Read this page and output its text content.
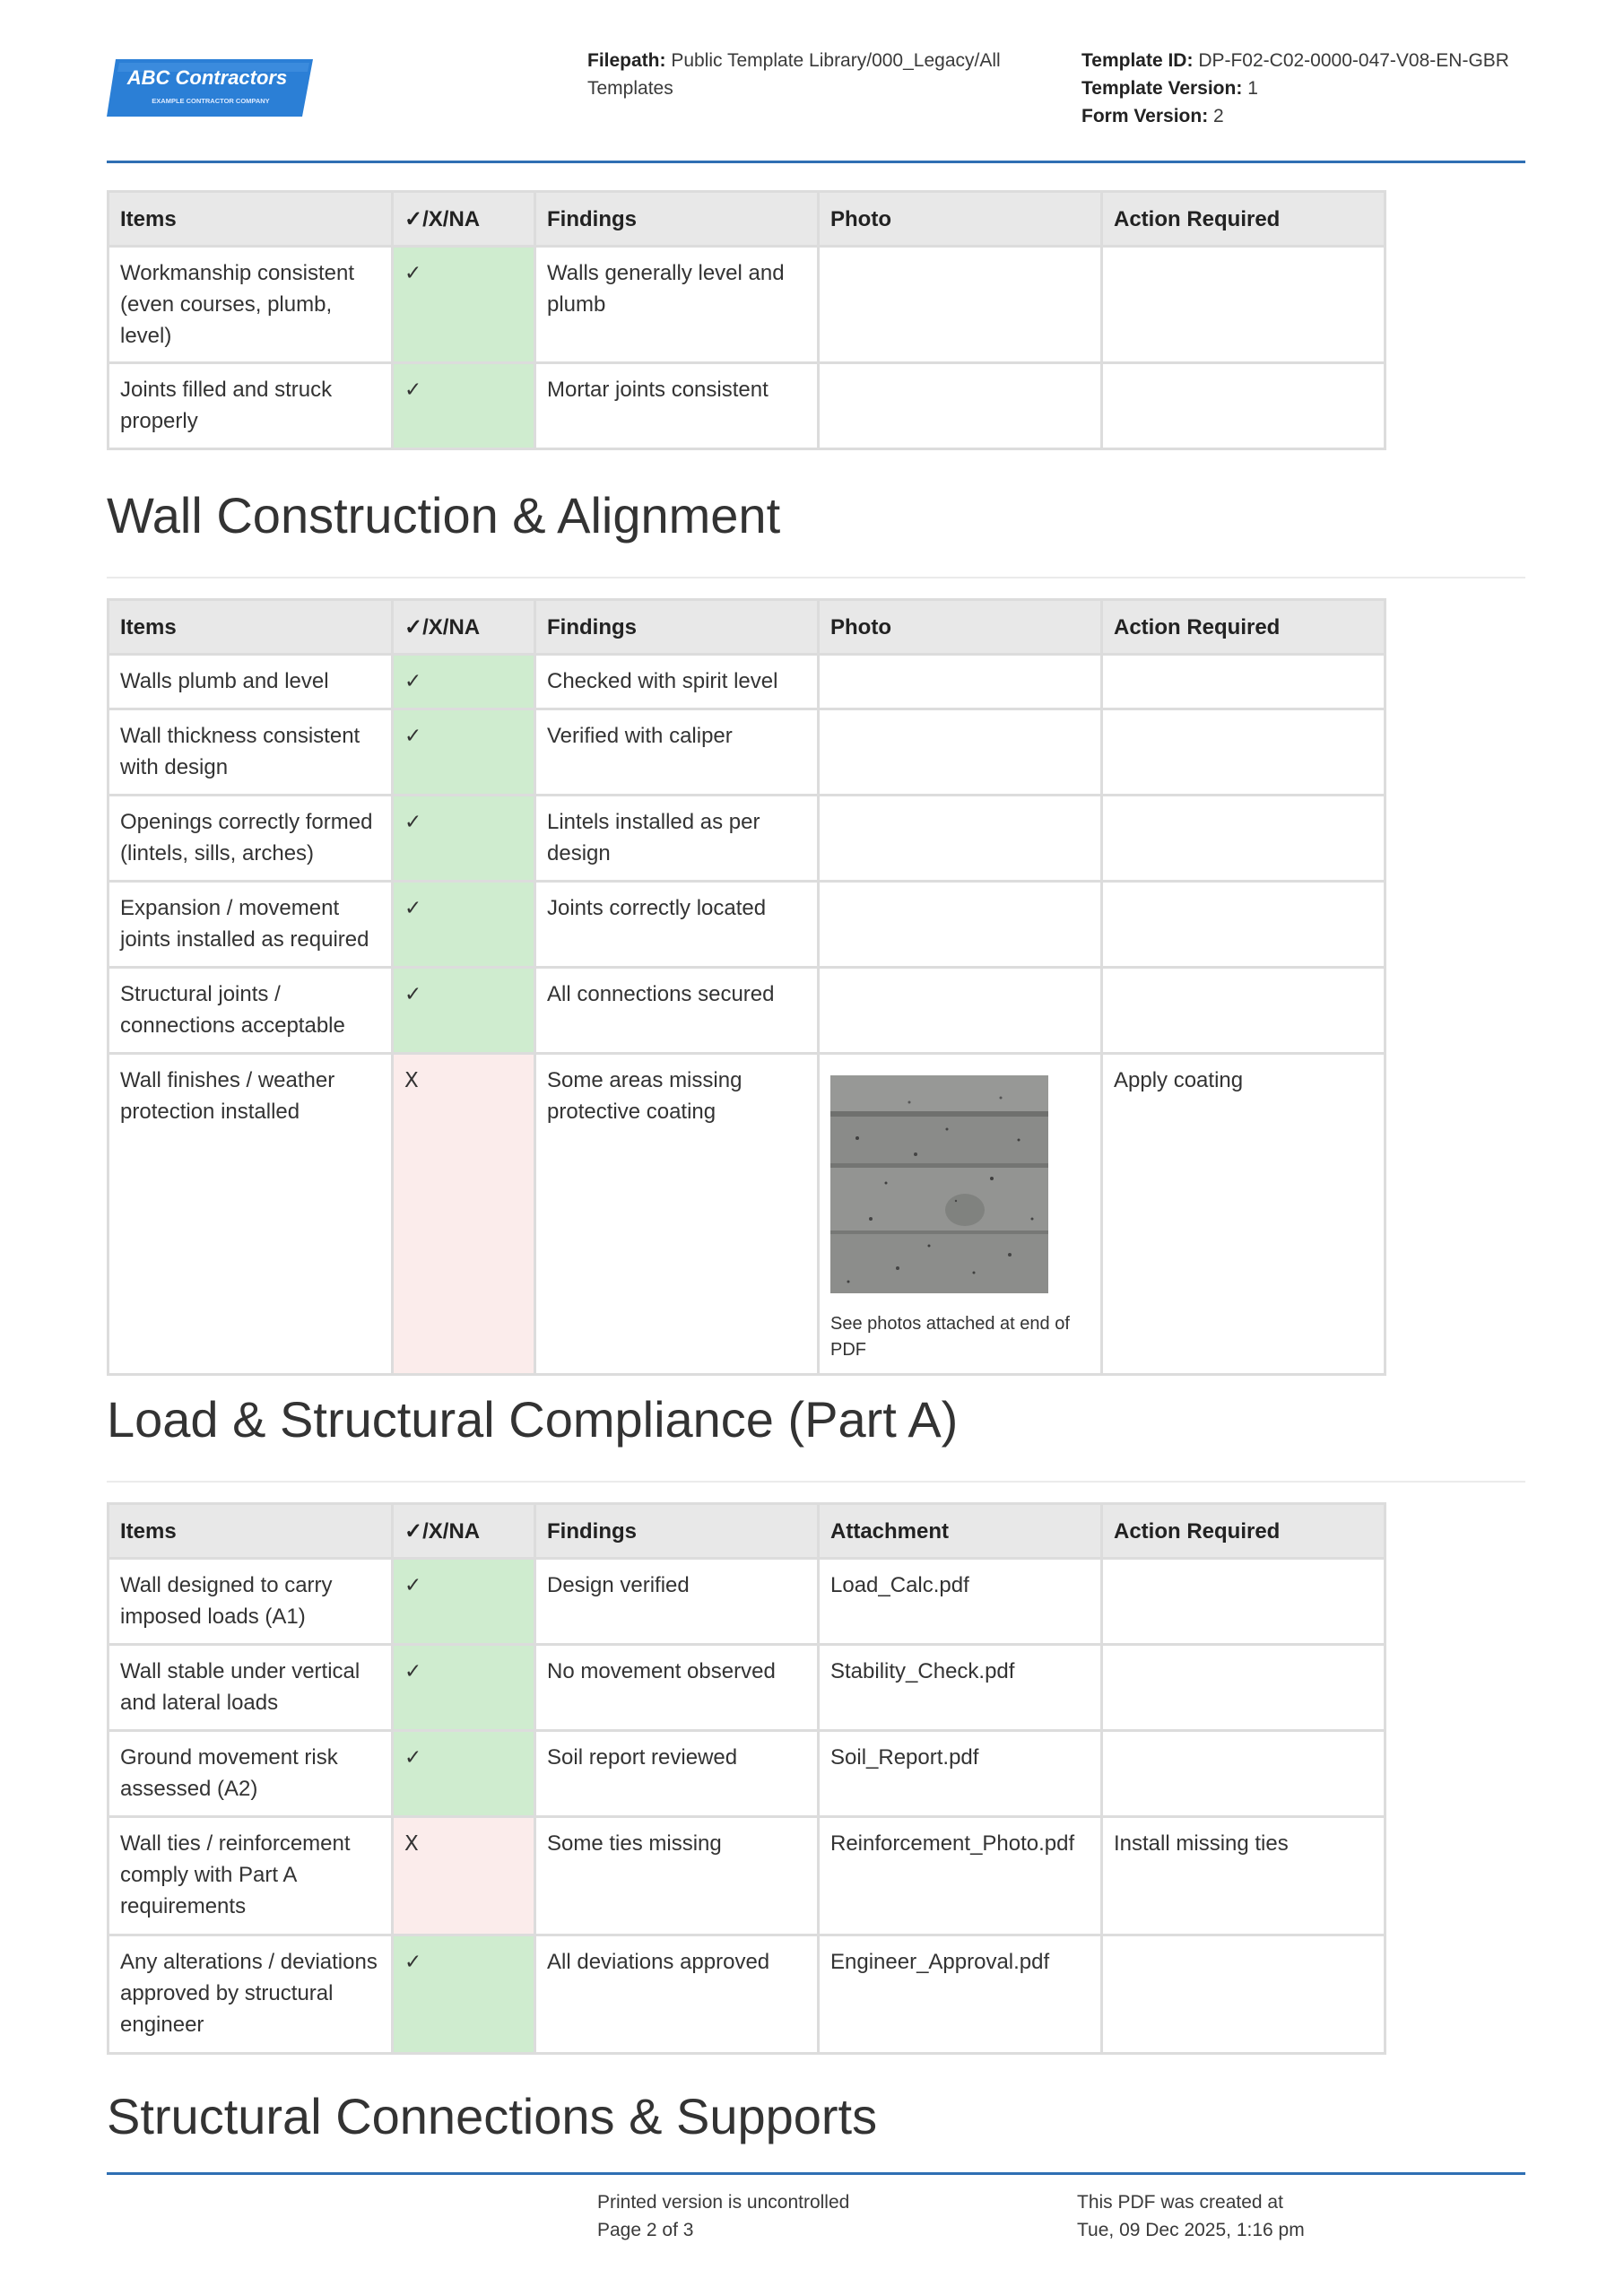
ABC Contractors
EXAMPLE CONTRACTOR COMPANY
Filepath: Public Template Library/000_Legacy/All Templates
Template ID: DP-F02-C02-0000-047-V08-EN-GBR
Template Version: 1
Form Version: 2
Items	✓/X/NA	Findings	Photo	Action Required
Workmanship consistent (even courses, plumb, level)	✓	Walls generally level and plumb		
Joints filled and struck properly	✓	Mortar joints consistent		
Wall Construction & Alignment
Items	✓/X/NA	Findings	Photo	Action Required
Walls plumb and level	✓	Checked with spirit level		
Wall thickness consistent with design	✓	Verified with caliper		
Openings correctly formed (lintels, sills, arches)	✓	Lintels installed as per design		
Expansion / movement joints installed as required	✓	Joints correctly located		
Structural joints / connections acceptable	✓	All connections secured		
Wall finishes / weather protection installed	X	Some areas missing protective coating	See photos attached at end of PDF	Apply coating
Load & Structural Compliance (Part A)
Items	✓/X/NA	Findings	Attachment	Action Required
Wall designed to carry imposed loads (A1)	✓	Design verified	Load_Calc.pdf	
Wall stable under vertical and lateral loads	✓	No movement observed	Stability_Check.pdf	
Ground movement risk assessed (A2)	✓	Soil report reviewed	Soil_Report.pdf	
Wall ties / reinforcement comply with Part A requirements	X	Some ties missing	Reinforcement_Photo.pdf	Install missing ties
Any alterations / deviations approved by structural engineer	✓	All deviations approved	Engineer_Approval.pdf	
Structural Connections & Supports
Printed version is uncontrolled
Page 2 of 3
This PDF was created at
Tue, 09 Dec 2025, 1:16 pm
